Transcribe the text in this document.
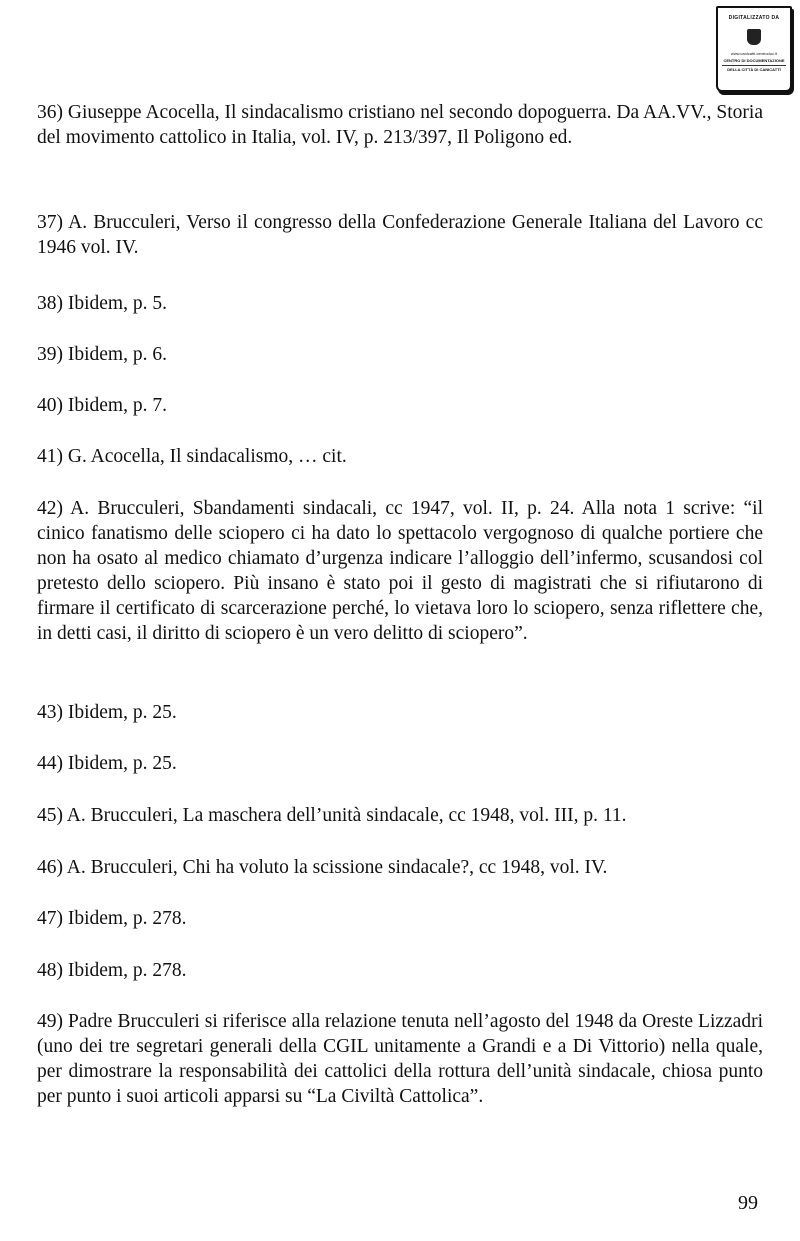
DIGITALIZZATO DA
www.canicatti-centrodoc.it
CENTRO DI DOCUMENTAZIONE
DELLA CITTÀ DI CANICATTÌ

36) Giuseppe Acocella, Il sindacalismo cristiano nel secondo dopoguerra. Da AA.VV., Storia del movimento cattolico in Italia, vol. IV, p. 213/397, Il Poligono ed.

37) A. Brucculeri, Verso il congresso della Confederazione Generale Italiana del Lavoro cc 1946 vol. IV.

38) Ibidem, p. 5.

39) Ibidem, p. 6.

40) Ibidem, p. 7.

41) G. Acocella, Il sindacalismo, … cit.

42) A. Brucculeri, Sbandamenti sindacali, cc 1947, vol. II, p. 24. Alla nota 1 scrive: “il cinico fanatismo delle sciopero ci ha dato lo spettacolo vergognoso di qualche portiere che non ha osato al medico chiamato d’urgenza indicare l’alloggio dell’infermo, scusandosi col pretesto dello sciopero. Più insano è stato poi il gesto di magistrati che si rifiutarono di firmare il certificato di scarcerazione perché, lo vietava loro lo sciopero, senza riflettere che, in detti casi, il diritto di sciopero è un vero delitto di sciopero”.

43) Ibidem, p. 25.

44) Ibidem, p. 25.

45) A. Brucculeri, La maschera dell’unità sindacale, cc 1948, vol. III, p. 11.

46) A. Brucculeri, Chi ha voluto la scissione sindacale?, cc 1948, vol. IV.

47) Ibidem, p. 278.

48) Ibidem, p. 278.

49) Padre Brucculeri si riferisce alla relazione tenuta nell’agosto del 1948 da Oreste Lizzadri (uno dei tre segretari generali della CGIL unitamente a Grandi e a Di Vittorio) nella quale, per dimostrare la responsabilità dei cattolici della rottura dell’unità sindacale, chiosa punto per punto i suoi articoli apparsi su “La Civiltà Cattolica”.

99
